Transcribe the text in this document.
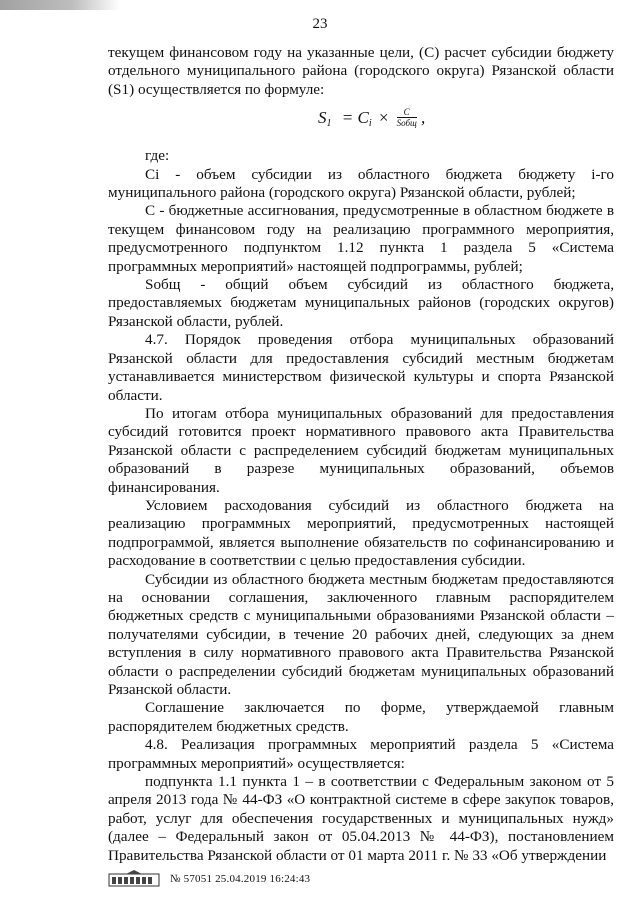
23

текущем финансовом году на указанные цели, (С) расчет субсидии бюджету отдельного муниципального района (городского округа) Рязанской области (S1) осуществляется по формуле:

$S_1 = C_i \times \frac{C}{\text{Sобщ}}$ ,

где:

Ci - объем субсидии из областного бюджета бюджету i-го муниципального района (городского округа) Рязанской области, рублей;

С - бюджетные ассигнования, предусмотренные в областном бюджете в текущем финансовом году на реализацию программного мероприятия, предусмотренного подпунктом 1.12 пункта 1 раздела 5 «Система программных мероприятий» настоящей подпрограммы, рублей;

Sобщ - общий объем субсидий из областного бюджета, предоставляемых бюджетам муниципальных районов (городских округов) Рязанской области, рублей.

4.7. Порядок проведения отбора муниципальных образований Рязанской области для предоставления субсидий местным бюджетам устанавливается министерством физической культуры и спорта Рязанской области.

По итогам отбора муниципальных образований для предоставления субсидий готовится проект нормативного правового акта Правительства Рязанской области с распределением субсидий бюджетам муниципальных образований в разрезе муниципальных образований, объемов финансирования.

Условием расходования субсидий из областного бюджета на реализацию программных мероприятий, предусмотренных настоящей подпрограммой, является выполнение обязательств по софинансированию и расходование в соответствии с целью предоставления субсидии.

Субсидии из областного бюджета местным бюджетам предоставляются на основании соглашения, заключенного главным распорядителем бюджетных средств с муниципальными образованиями Рязанской области – получателями субсидии, в течение 20 рабочих дней, следующих за днем вступления в силу нормативного правового акта Правительства Рязанской области о распределении субсидий бюджетам муниципальных образований Рязанской области.

Соглашение заключается по форме, утверждаемой главным распорядителем бюджетных средств.

4.8. Реализация программных мероприятий раздела 5 «Система программных мероприятий» осуществляется:

подпункта 1.1 пункта 1 – в соответствии с Федеральным законом от 5 апреля 2013 года № 44-ФЗ «О контрактной системе в сфере закупок товаров, работ, услуг для обеспечения государственных и муниципальных нужд» (далее – Федеральный закон от 05.04.2013 № 44-ФЗ), постановлением Правительства Рязанской области от 01 марта 2011 г. № 33 «Об утверждении

№ 57051 25.04.2019 16:24:43
